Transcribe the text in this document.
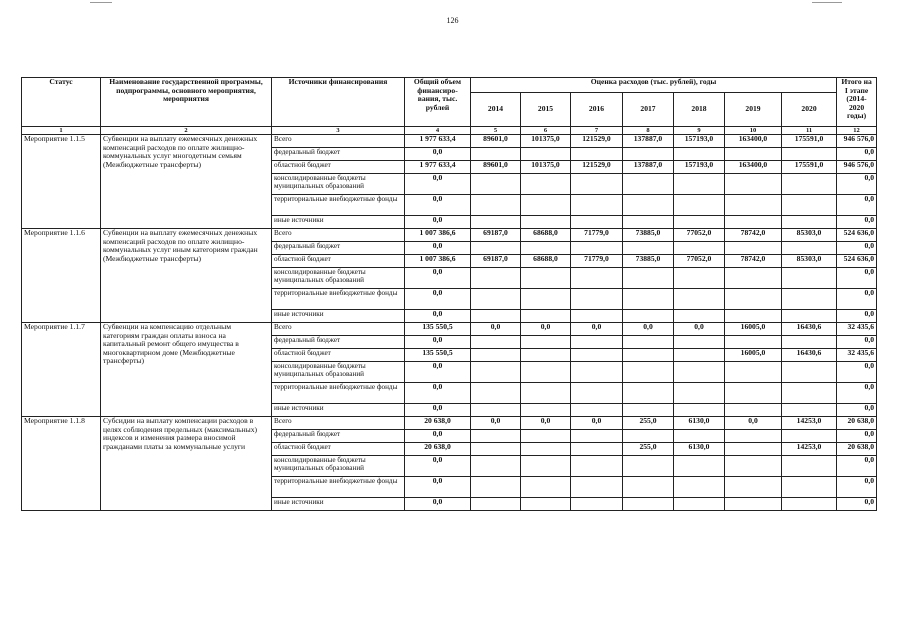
126
Статус	Наименование государственной программы, подпрограммы, основного мероприятия, мероприятия	Источники финансирования	Общий объем финансиро-вания, тыс. рублей	Оценка расходов (тыс. рублей), годы							Итого на I этапе (2014-2020 годы)
				2014	2015	2016	2017	2018	2019	2020	
1	2	3	4	5	6	7	8	9	10	11	12
Мероприятие 1.1.5	Субвенции на выплату ежемесячных денежных компенсаций расходов по оплате жилищно-коммунальных услуг многодетным семьям (Межбюджетные трансферты)	Всего	1 977 633,4	89601,0	101375,0	121529,0	137887,0	157193,0	163400,0	175591,0	946 576,0
		федеральный бюджет	0,0								0,0
		областной бюджет	1 977 633,4	89601,0	101375,0	121529,0	137887,0	157193,0	163400,0	175591,0	946 576,0
		консолидированные бюджеты муниципальных образований	0,0								0,0
		территориальные внебюджетные фонды	0,0								0,0
		иные источники	0,0								0,0
Мероприятие 1.1.6	Субвенции на выплату ежемесячных денежных компенсаций расходов по оплате жилищно-коммунальных услуг иным категориям граждан (Межбюджетные трансферты)	Всего	1 007 386,6	69187,0	68688,0	71779,0	73885,0	77052,0	78742,0	85303,0	524 636,0
		федеральный бюджет	0,0								0,0
		областной бюджет	1 007 386,6	69187,0	68688,0	71779,0	73885,0	77052,0	78742,0	85303,0	524 636,0
		консолидированные бюджеты муниципальных образований	0,0								0,0
		территориальные внебюджетные фонды	0,0								0,0
		иные источники	0,0								0,0
Мероприятие 1.1.7	Субвенции на компенсацию отдельным категориям граждан оплаты взноса на капитальный ремонт общего имущества в многоквартирном доме (Межбюджетные трансферты)	Всего	135 550,5	0,0	0,0	0,0	0,0	0,0	16005,0	16430,6	32 435,6
		федеральный бюджет	0,0								0,0
		областной бюджет	135 550,5						16005,0	16430,6	32 435,6
		консолидированные бюджеты муниципальных образований	0,0								0,0
		территориальные внебюджетные фонды	0,0								0,0
		иные источники	0,0								0,0
Мероприятие 1.1.8	Субсидии на выплату компенсации расходов в целях соблюдения предельных (максимальных) индексов и изменения размера вносимой гражданами платы за коммунальные услуги	Всего	20 638,0	0,0	0,0	0,0	255,0	6130,0	0,0	14253,0	20 638,0
		федеральный бюджет	0,0								0,0
		областной бюджет	20 638,0				255,0	6130,0		14253,0	20 638,0
		консолидированные бюджеты муниципальных образований	0,0								0,0
		территориальные внебюджетные фонды	0,0								0,0
		иные источники	0,0								0,0
